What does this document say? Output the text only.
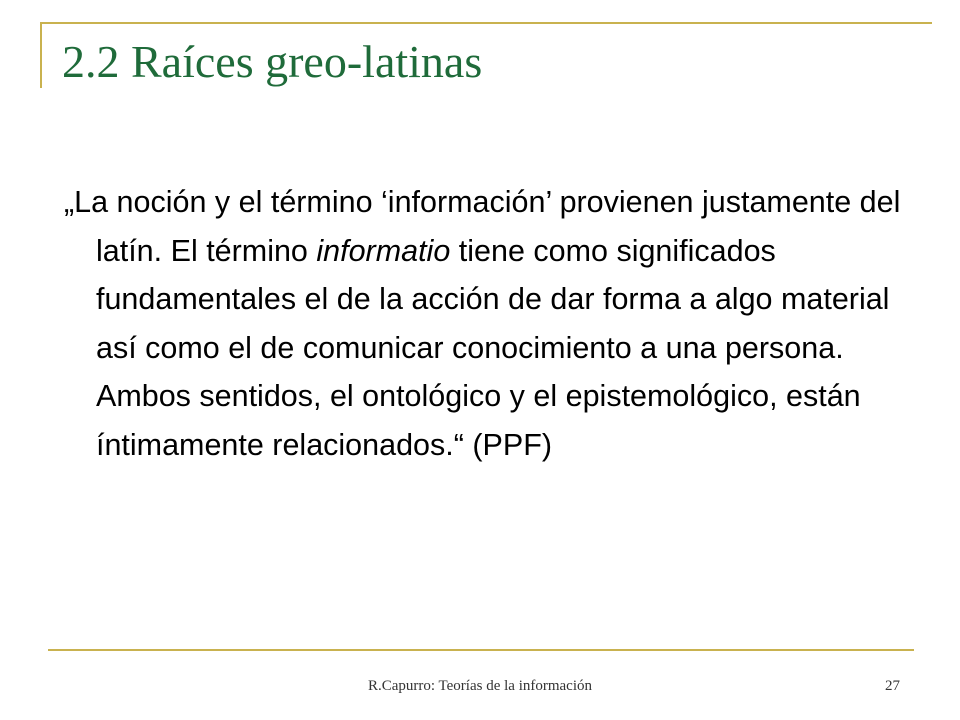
2.2 Raíces greo-latinas

„La noción y el término ‘información’ provienen justamente del latín. El término informatio tiene como significados fundamentales el de la acción de dar forma a algo material así como el de comunicar conocimiento a una persona. Ambos sentidos, el ontológico y el epistemológico, están íntimamente relacionados.“ (PPF)

R.Capurro: Teorías de la información	27
